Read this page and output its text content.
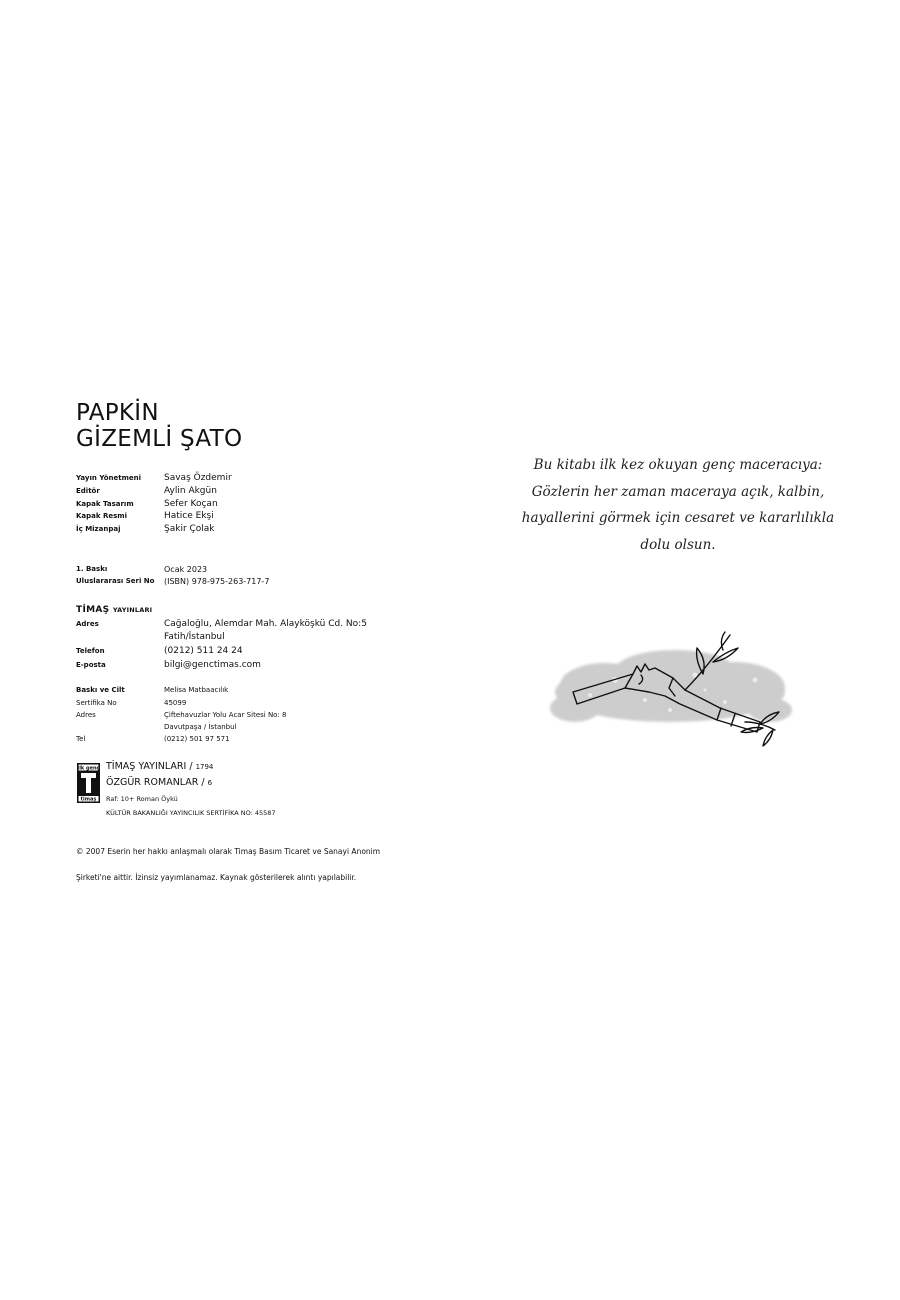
PAPKİN
GİZEMLİ ŞATO
Yayın Yönetmeni	Savaş Özdemir
Editör	Aylin Akgün
Kapak Tasarım	Sefer Koçan
Kapak Resmi	Hatice Ekşi
İç Mizanpaj	Şakir Çolak
1. Baskı	Ocak 2023
Uluslararası Seri No (ISBN) 978-975-263-717-7
TİMAŞ YAYINLARI
Adres	Cağaloğlu, Alemdar Mah. Alayköşkü Cd. No:5
Fatih/İstanbul
Telefon	(0212) 511 24 24
E-posta	bilgi@genctimas.com
Baskı ve Cilt	Melisa Matbaacılık
Sertifika No	45099
Adres	Çiftehavuzlar Yolu Acar Sitesi No: 8
Davutpaşa / İstanbul
Tel	(0212) 501 97 571
ilk genç
timaş
TİMAŞ YAYINLARI / 1794
ÖZGÜR ROMANLAR / 6
Raf: 10+ Roman Öykü
KÜLTÜR BAKANLIĞI YAYINCILIK SERTİFİKA NO: 45587
© 2007 Eserin her hakkı anlaşmalı olarak Timaş Basım Ticaret ve Sanayi Anonim
Şirketi'ne aittir. İzinsiz yayımlanamaz. Kaynak gösterilerek alıntı yapılabilir.
Bu kitabı ilk kez okuyan genç maceracıya:
Gözlerin her zaman maceraya açık, kalbin,
hayallerini görmek için cesaret ve kararlılıkla
dolu olsun.
